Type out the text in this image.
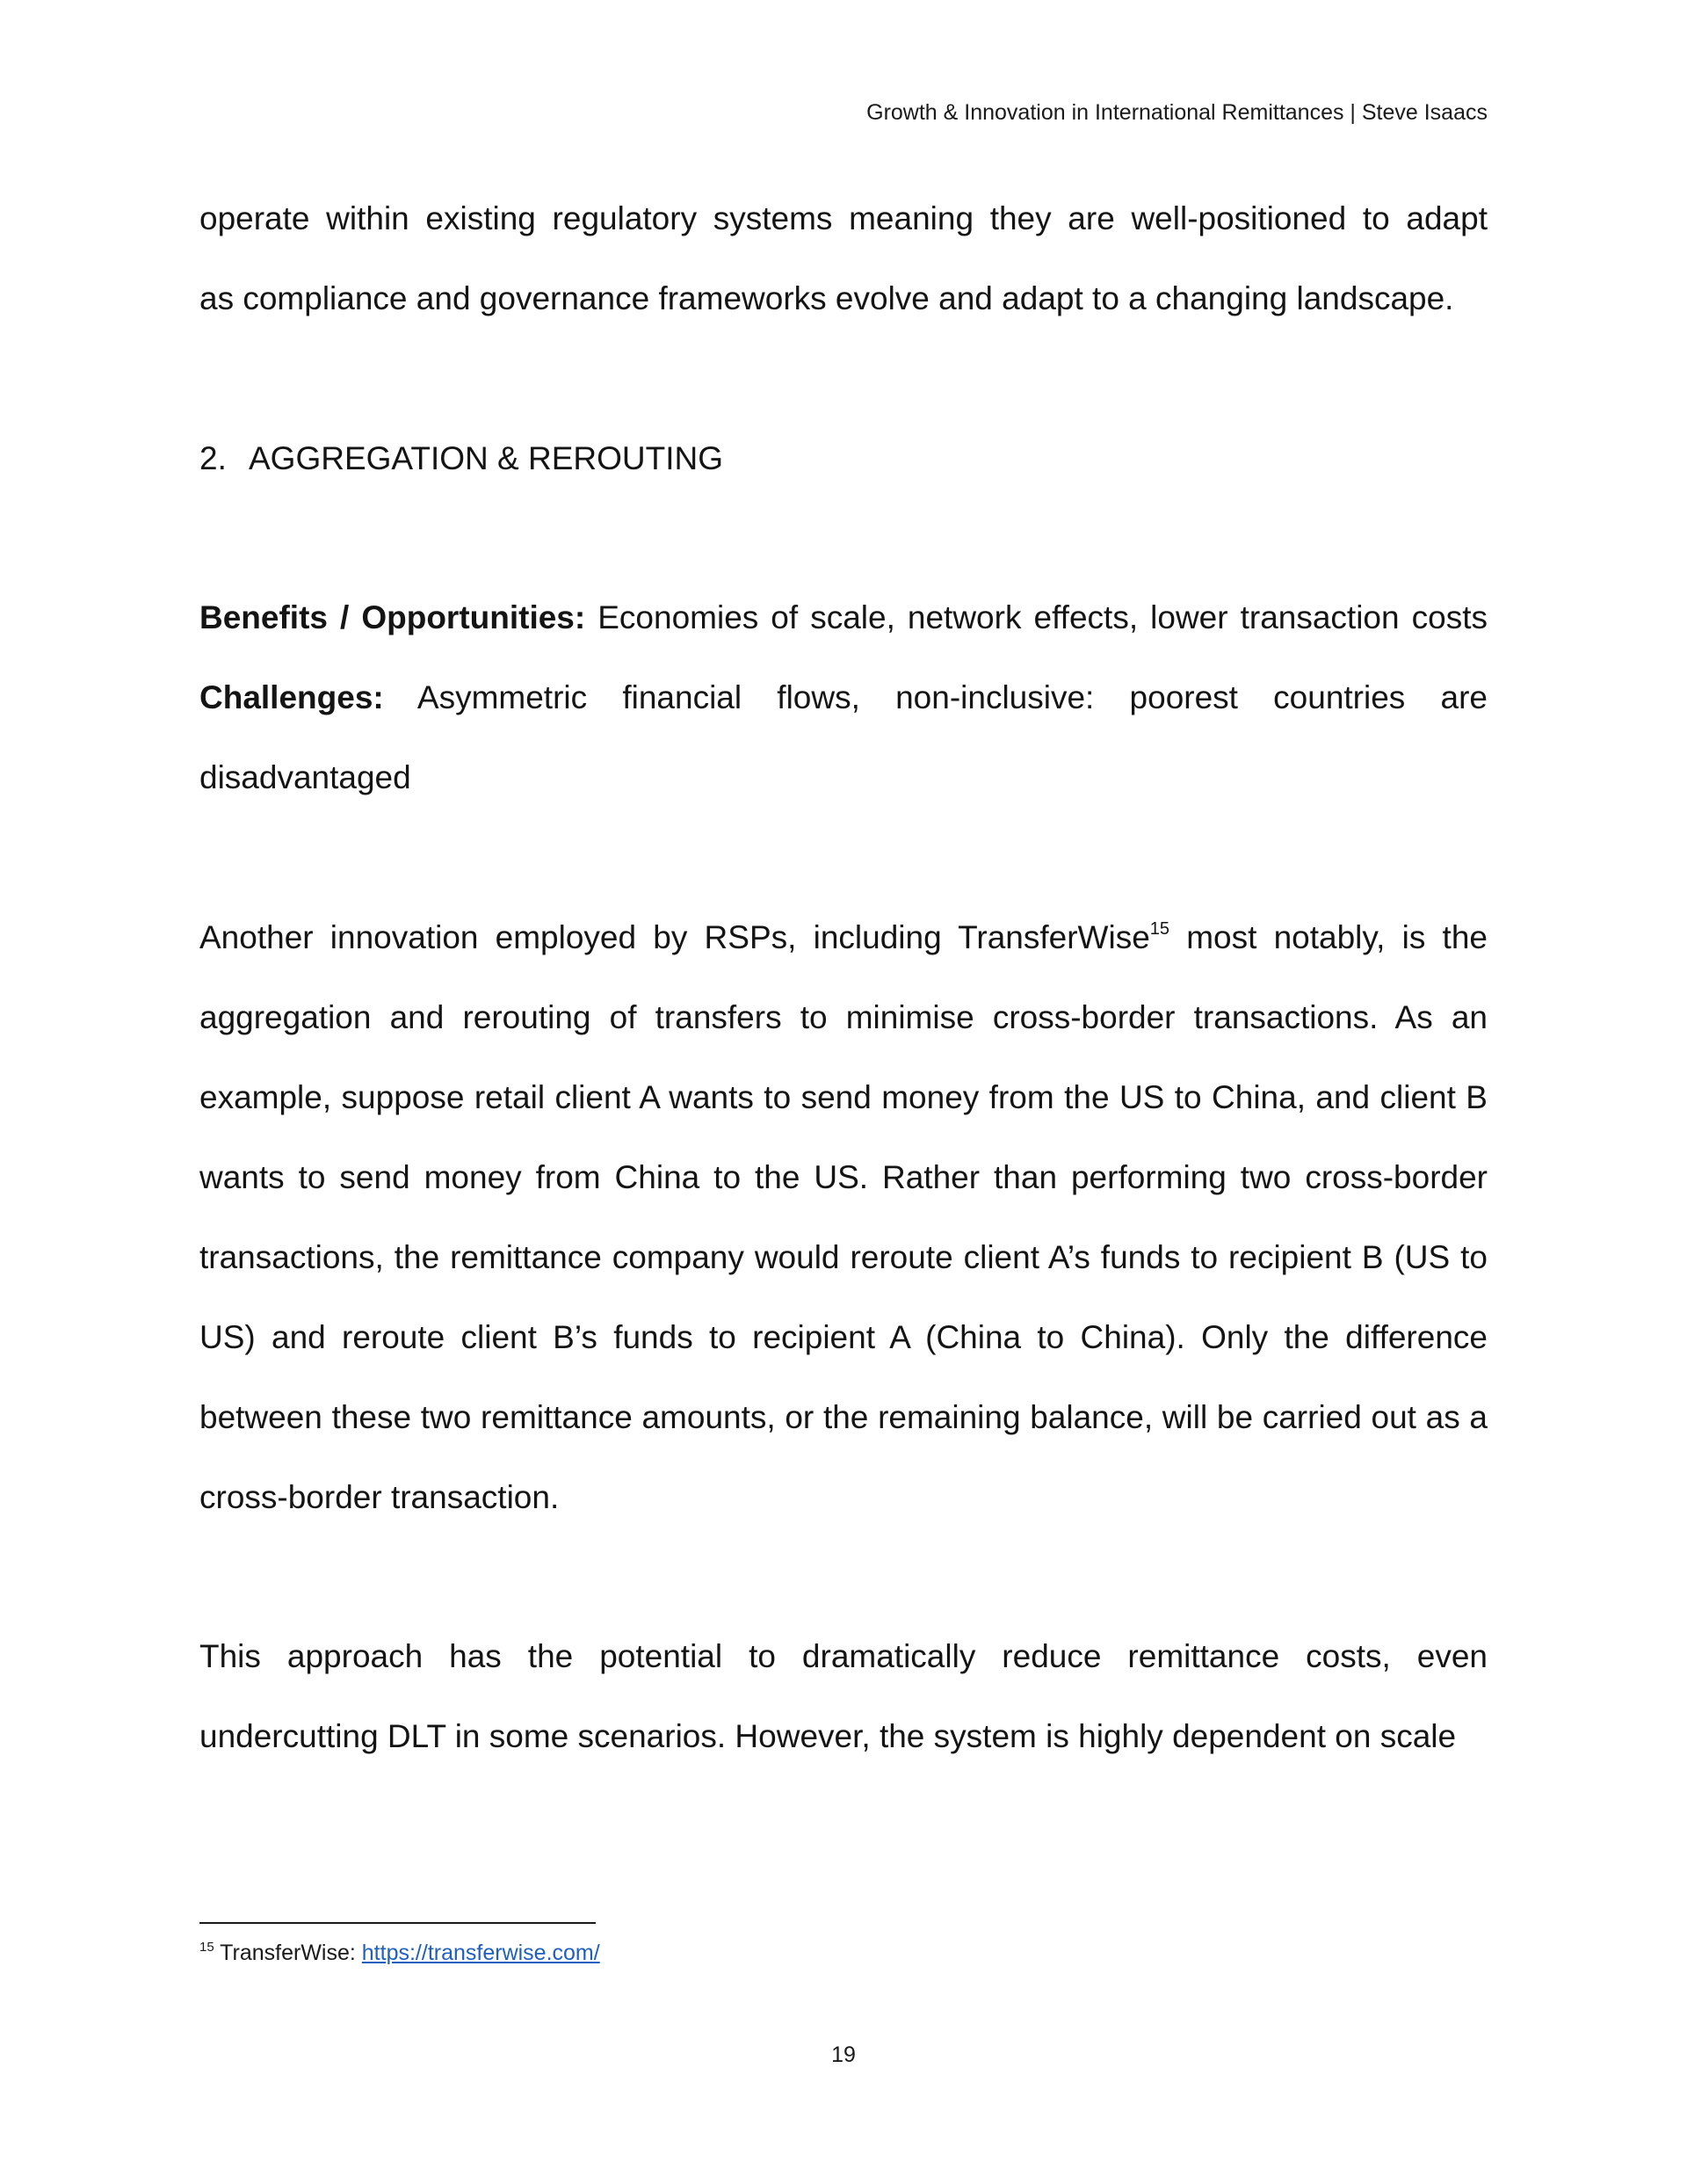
Growth & Innovation in International Remittances | Steve Isaacs
operate within existing regulatory systems meaning they are well-positioned to adapt
as compliance and governance frameworks evolve and adapt to a changing landscape.
2. AGGREGATION & REROUTING
Benefits / Opportunities: Economies of scale, network effects, lower transaction costs
Challenges: Asymmetric financial flows, non-inclusive: poorest countries are disadvantaged
Another innovation employed by RSPs, including TransferWise$^{15}$ most notably, is the aggregation and rerouting of transfers to minimise cross-border transactions. As an example, suppose retail client A wants to send money from the US to China, and client B wants to send money from China to the US. Rather than performing two cross-border transactions, the remittance company would reroute client A’s funds to recipient B (US to US) and reroute client B’s funds to recipient A (China to China). Only the difference between these two remittance amounts, or the remaining balance, will be carried out as a cross-border transaction.
This approach has the potential to dramatically reduce remittance costs, even undercutting DLT in some scenarios. However, the system is highly dependent on scale
$^{15}$ TransferWise: https://transferwise.com/
19
